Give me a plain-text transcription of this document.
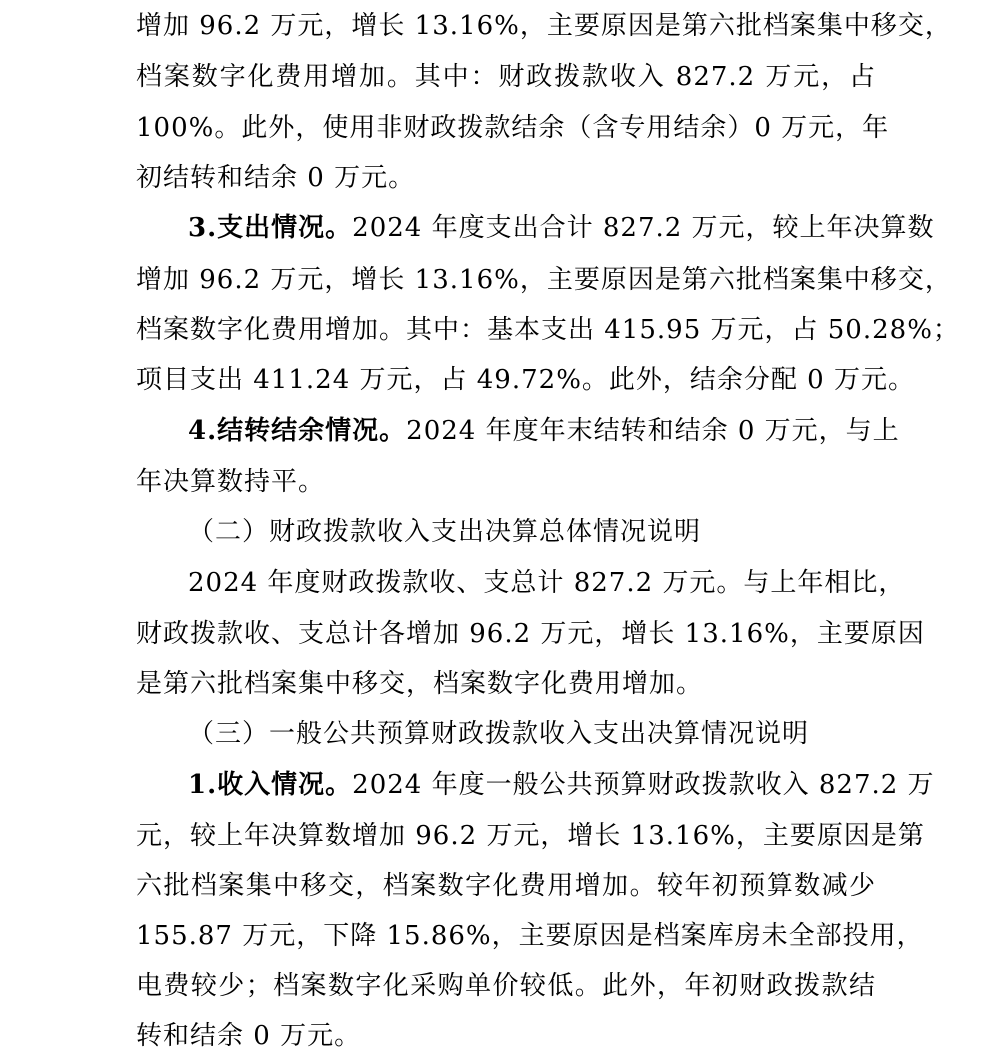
增加 96.2 万元，增长 13.16%，主要原因是第六批档案集中移交，
档案数字化费用增加。其中：财政拨款收入 827.2 万元，占
100%。此外，使用非财政拨款结余（含专用结余）0 万元，年
初结转和结余 0 万元。
3.支出情况。2024 年度支出合计 827.2 万元，较上年决算数
增加 96.2 万元，增长 13.16%，主要原因是第六批档案集中移交，
档案数字化费用增加。其中：基本支出 415.95 万元，占 50.28%；
项目支出 411.24 万元，占 49.72%。此外，结余分配 0 万元。
4.结转结余情况。2024 年度年末结转和结余 0 万元，与上
年决算数持平。
（二）财政拨款收入支出决算总体情况说明
2024 年度财政拨款收、支总计 827.2 万元。与上年相比，
财政拨款收、支总计各增加 96.2 万元，增长 13.16%，主要原因
是第六批档案集中移交，档案数字化费用增加。
（三）一般公共预算财政拨款收入支出决算情况说明
1.收入情况。2024 年度一般公共预算财政拨款收入 827.2 万
元，较上年决算数增加 96.2 万元，增长 13.16%，主要原因是第
六批档案集中移交，档案数字化费用增加。较年初预算数减少
155.87 万元，下降 15.86%，主要原因是档案库房未全部投用，
电费较少；档案数字化采购单价较低。此外，年初财政拨款结
转和结余 0 万元。
